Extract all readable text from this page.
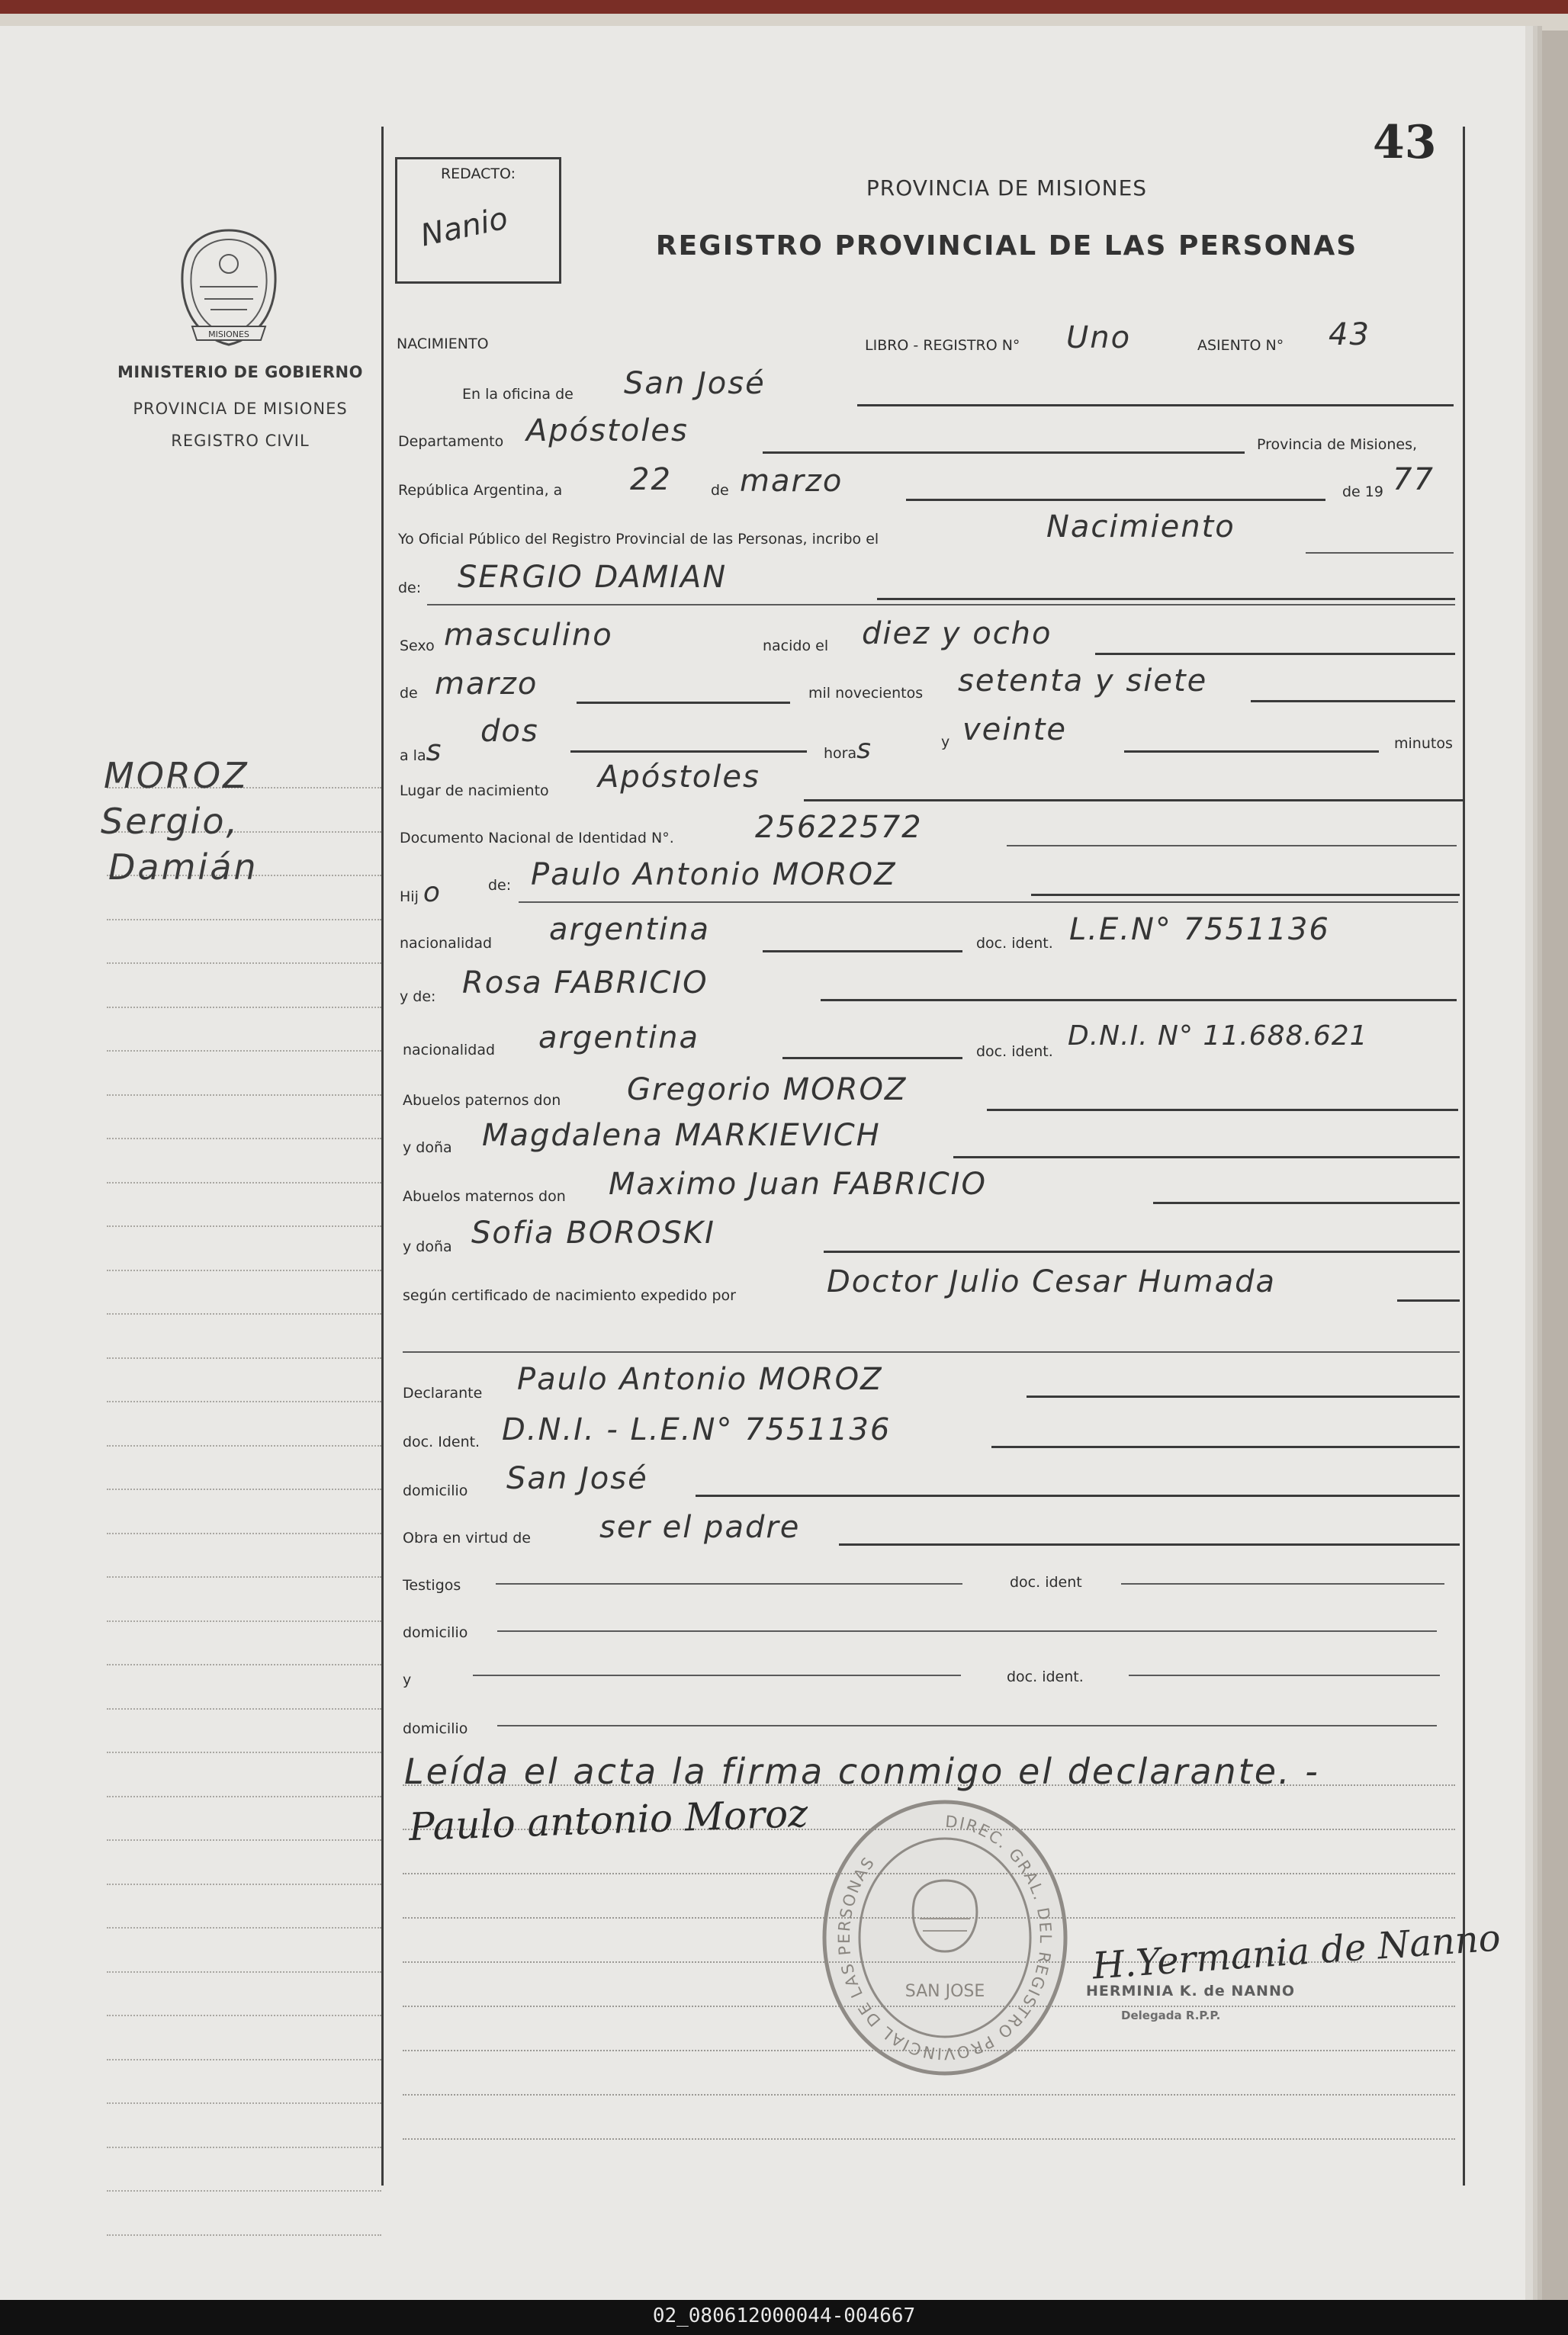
MISIONES
MINISTERIO DE GOBIERNO
PROVINCIA DE MISIONES
REGISTRO CIVIL
MOROZ
Sergio,
Damián
REDACTO:
Nanio
PROVINCIA DE MISIONES
REGISTRO PROVINCIAL DE LAS PERSONAS
43
NACIMIENTO	LIBRO - REGISTRO N° Uno	ASIENTO N° 43
En la oficina de San José
Departamento Apóstoles	Provincia de Misiones,
República Argentina, a 22	de marzo	de 19 77
Yo Oficial Público del Registro Provincial de las Personas, incribo el	Nacimiento
de: SERGIO DAMIAN
Sexo masculino	nacido el diez y ocho
de marzo	mil novecientos setenta y siete
a las
dos
horas	y veinte	minutos
Lugar de nacimiento Apóstoles
Documento Nacional de Identidad N°.	25622572
Hij o	de: Paulo Antonio MOROZ
nacionalidad argentina	doc. ident. L.E.N° 7551136
y de: Rosa FABRICIO
nacionalidad argentina	doc. ident. D.N.I. N° 11.688.621
Abuelos paternos don Gregorio MOROZ
y doña Magdalena MARKIEVICH
Abuelos maternos don Maximo Juan FABRICIO
y doña Sofia BOROSKI
según certificado de nacimiento expedido por	Doctor Julio Cesar Humada
Declarante Paulo Antonio MOROZ
doc. Ident. D.N.I. - L.E.N° 7551136
domicilio San José
Obra en virtud de ser el padre
Testigos	doc. ident
domicilio
y	doc. ident.
domicilio
Leída el acta la firma conmigo el declarante. -
Paulo antonio Moroz	DIREC. GRAL. DEL REGISTRO PROVINCIAL DE LAS PERSONAS
SAN JOSE
H.Yermania de Nanno
HERMINIA K. de NANNO
Delegada R.P.P.
02_080612000044-004667
